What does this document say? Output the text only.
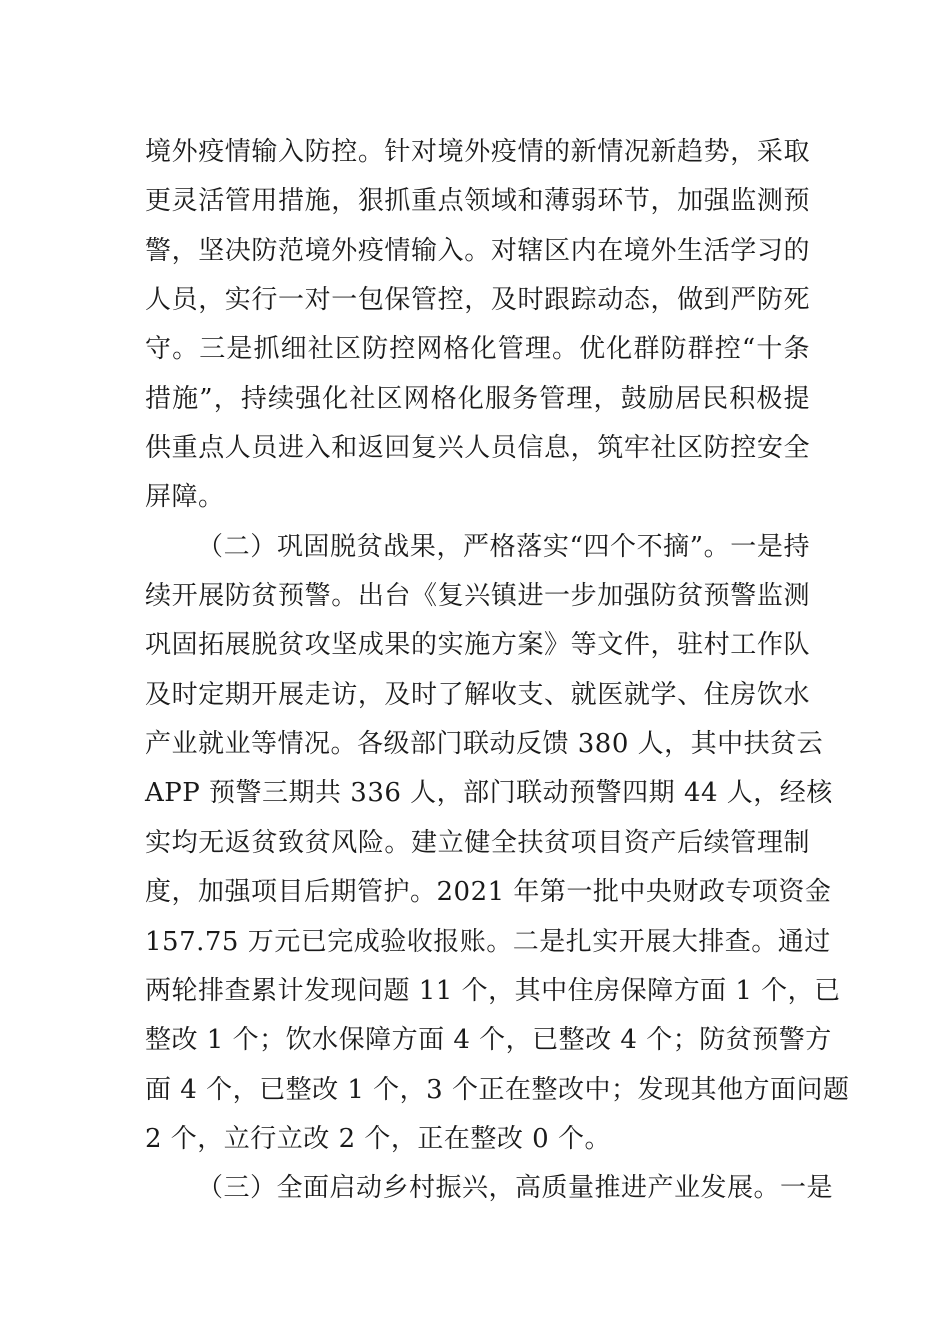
境外疫情输入防控。针对境外疫情的新情况新趋势，采取
更灵活管用措施，狠抓重点领域和薄弱环节，加强监测预
警，坚决防范境外疫情输入。对辖区内在境外生活学习的
人员，实行一对一包保管控，及时跟踪动态，做到严防死
守。三是抓细社区防控网格化管理。优化群防群控“十条
措施”，持续强化社区网格化服务管理，鼓励居民积极提
供重点人员进入和返回复兴人员信息，筑牢社区防控安全
屏障。
（二）巩固脱贫战果，严格落实“四个不摘”。一是持
续开展防贫预警。出台《复兴镇进一步加强防贫预警监测
巩固拓展脱贫攻坚成果的实施方案》等文件，驻村工作队
及时定期开展走访，及时了解收支、就医就学、住房饮水
产业就业等情况。各级部门联动反馈 380 人，其中扶贫云
APP 预警三期共 336 人，部门联动预警四期 44 人，经核
实均无返贫致贫风险。建立健全扶贫项目资产后续管理制
度，加强项目后期管护。2021 年第一批中央财政专项资金
157.75 万元已完成验收报账。二是扎实开展大排查。通过
两轮排查累计发现问题 11 个，其中住房保障方面 1 个，已
整改 1 个；饮水保障方面 4 个，已整改 4 个；防贫预警方
面 4 个，已整改 1 个，3 个正在整改中；发现其他方面问题
2 个，立行立改 2 个，正在整改 0 个。
（三）全面启动乡村振兴，高质量推进产业发展。一是
